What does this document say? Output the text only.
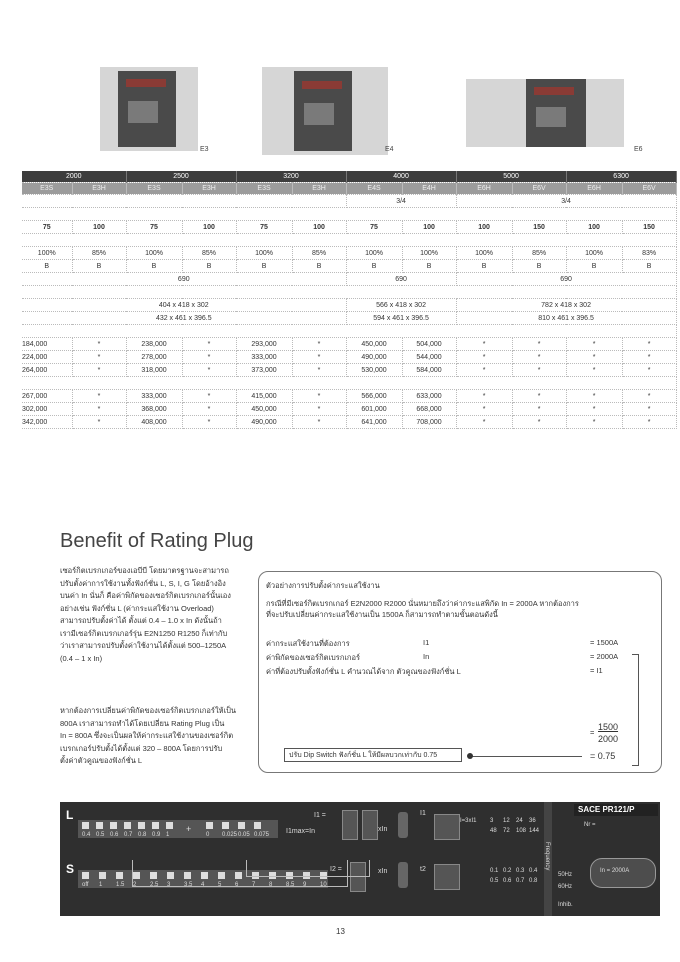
E3	E4	E6
2000		2500		3200		4000		5000		6300	
E3S	E3H	E3S	E3H	E3S	E3H	E4S	E4H	E6H	E6V	E6H	E6V
						3/4		3/4			

75	100	75	100	75	100	75	100	100	150	100	150

100%	85%	100%	85%	100%	85%	100%	100%	100%	85%	100%	83%
B	B	B	B	B	B	B	B	B	B	B	B
690						690		690			

404 x 418 x 302						566 x 418 x 302		782 x 418 x 302			
432 x 461 x 396.5						594 x 461 x 396.5		810 x 461 x 396.5			

184,000	*	238,000	*	293,000	*	450,000	504,000	*	*	*	*
224,000	*	278,000	*	333,000	*	490,000	544,000	*	*	*	*
264,000	*	318,000	*	373,000	*	530,000	584,000	*	*	*	*

267,000	*	333,000	*	415,000	*	566,000	633,000	*	*	*	*
302,000	*	368,000	*	450,000	*	601,000	668,000	*	*	*	*
342,000	*	408,000	*	490,000	*	641,000	708,000	*	*	*	*
Benefit of Rating Plug
เซอร์กิตเบรกเกอร์ของเอบีบี โดยมาตรฐานจะสามารถ
ปรับตั้งค่าการใช้งานทั้งฟังก์ชั่น L, S, I, G โดยอ้างอิง
บนค่า In นั่นก็ คือค่าพิกัดของเซอร์กิตเบรกเกอร์นั้นเอง
อย่างเช่น ฟังก์ชั่น L (ค่ากระแสใช้งาน Overload)
สามารถปรับตั้งค่าได้ ตั้งแต่ 0.4 – 1.0 x In ดังนั้นถ้า
เรามีเซอร์กิตเบรกเกอร์รุ่น E2N1250 R1250 ก็เท่ากับ
ว่าเราสามารถปรับตั้งค่าใช้งานได้ตั้งแต่ 500–1250A
(0.4 – 1 x In)
หากต้องการเปลี่ยนค่าพิกัดของเซอร์กิตเบรกเกอร์ให้เป็น
800A เราสามารถทำได้โดยเปลี่ยน Rating Plug เป็น
In = 800A ซึ่งจะเป็นผลให้ค่ากระแสใช้งานของเซอร์กิต
เบรกเกอร์ปรับตั้งได้ตั้งแต่ 320 – 800A โดยการปรับ
ตั้งค่าตัวคูณของฟังก์ชั่น L
ตัวอย่างการปรับตั้งค่ากระแสใช้งาน
กรณีที่มีเซอร์กิตเบรกเกอร์ E2N2000 R2000 นั่นหมายถึงว่าค่ากระแสพิกัด In = 2000A หากต้องการ
ที่จะปรับเปลี่ยนค่ากระแสใช้งานเป็น 1500A ก็สามารถทำตามขั้นตอนดังนี้
ค่ากระแสใช้งานที่ต้องการ	I1	= 1500A
ค่าพิกัดของเซอร์กิตเบรกเกอร์	In	= 2000A
ค่าที่ต้องปรับตั้งฟังก์ชั่น L คำนวณได้จาก ตัวคูณของฟังก์ชั่น L	= I1
1500
=
2000
ปรับ Dip Switch ฟังก์ชั่น L ให้มีผลบวกเท่ากับ 0.75	= 0.75
L
S
0.4 0.5 0.6 0.7 0.8 0.9 1
+
0 0.025 0.05 0.075
I1 =
I1max=In	xIn
I1
I=3xI1 3 12 24 36
48 72 108 144
off 1 1.5 2 2.5 3 3.5 4 5 6 7 8 8.5 9 10
I2 =	xIn	t2	0.1 0.2 0.3 0.4
0.5 0.6 0.7 0.8
Frequency
50Hz
60Hz
Inhib.
SACE PR121/P
Nr =
In = 2000A
13
